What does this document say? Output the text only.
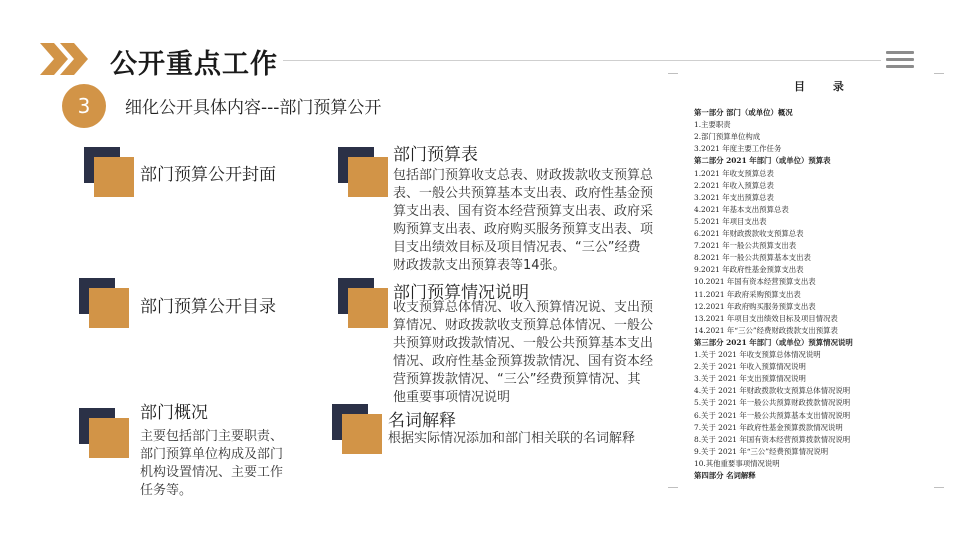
公开重点工作
3	细化公开具体内容---部门预算公开
部门预算公开封面
部门预算公开目录
部门概况
主要包括部门主要职责、
部门预算单位构成及部门
机构设置情况、主要工作
任务等。
部门预算表
包括部门预算收支总表、财政拨款收支预算总
表、一般公共预算基本支出表、政府性基金预
算支出表、国有资本经营预算支出表、政府采
购预算支出表、政府购买服务预算支出表、项
目支出绩效目标及项目情况表、“三公”经费
财政拨款支出预算表等14张。
部门预算情况说明
收支预算总体情况、收入预算情况说、支出预
算情况、财政拨款收支预算总体情况、一般公
共预算财政拨款情况、一般公共预算基本支出
情况、政府性基金预算拨款情况、国有资本经
营预算拨款情况、“三公”经费预算情况、其
他重要事项情况说明
名词解释
根据实际情况添加和部门相关联的名词解释
目 录
第一部分 部门（或单位）概况
1.主要职责
2.部门预算单位构成
3.2021 年度主要工作任务
第二部分 2021 年部门（或单位）预算表
1.2021 年收支预算总表
2.2021 年收入预算总表
3.2021 年支出预算总表
4.2021 年基本支出预算总表
5.2021 年项目支出表
6.2021 年财政拨款收支预算总表
7.2021 年一般公共预算支出表
8.2021 年一般公共预算基本支出表
9.2021 年政府性基金预算支出表
10.2021 年国有资本经营预算支出表
11.2021 年政府采购预算支出表
12.2021 年政府购买服务预算支出表
13.2021 年项目支出绩效目标及项目情况表
14.2021 年“三公”经费财政拨款支出预算表
第三部分 2021 年部门（或单位）预算情况说明
1.关于 2021 年收支预算总体情况说明
2.关于 2021 年收入预算情况说明
3.关于 2021 年支出预算情况说明
4.关于 2021 年财政拨款收支预算总体情况说明
5.关于 2021 年一般公共预算财政拨款情况说明
6.关于 2021 年一般公共预算基本支出情况说明
7.关于 2021 年政府性基金预算拨款情况说明
8.关于 2021 年国有资本经营预算拨款情况说明
9.关于 2021 年“三公”经费预算情况说明
10.其他重要事项情况说明
第四部分 名词解释
